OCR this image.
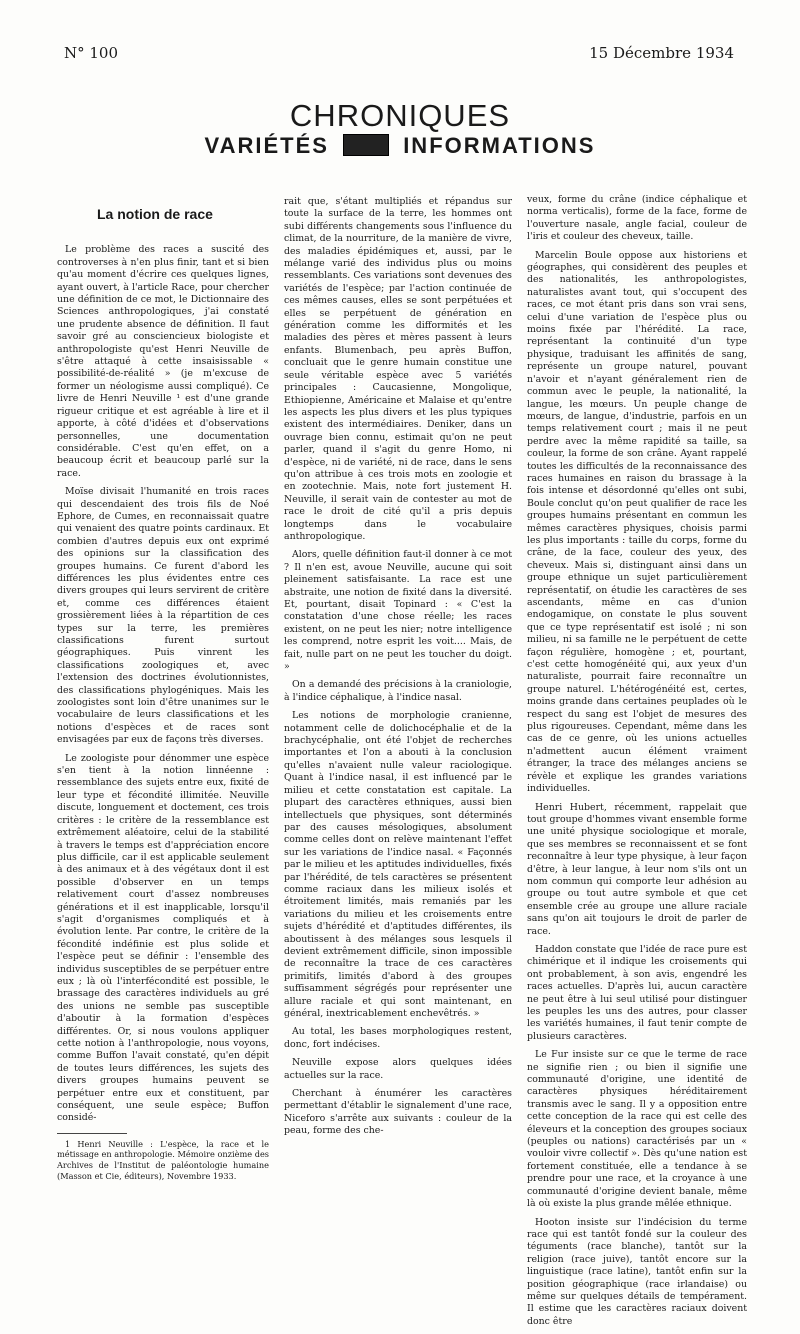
N° 100	15 Décembre 1934
CHRONIQUES
VARIÉTÉS	INFORMATIONS
La notion de race

Le problème des races a suscité des controverses à n'en plus finir, tant et si bien qu'au moment d'écrire ces quelques lignes, ayant ouvert, à l'article Race, pour chercher une définition de ce mot, le Dictionnaire des Sciences anthropologiques, j'ai constaté une prudente absence de définition. Il faut savoir gré au consciencieux biologiste et anthropologiste qu'est Henri Neuville de s'être attaqué à cette insaisissable « possibilité-de-réalité » (je m'excuse de former un néologisme aussi compliqué). Ce livre de Henri Neuville ¹ est d'une grande rigueur critique et est agréable à lire et il apporte, à côté d'idées et d'observations personnelles, une documentation considérable. C'est qu'en effet, on a beaucoup écrit et beaucoup parlé sur la race.

Moïse divisait l'humanité en trois races qui descendaient des trois fils de Noé Ephore, de Cumes, en reconnaissait quatre qui venaient des quatre points cardinaux. Et combien d'autres depuis eux ont exprimé des opinions sur la classification des groupes humains. Ce furent d'abord les différences les plus évidentes entre ces divers groupes qui leurs servirent de critère et, comme ces différences étaient grossièrement liées à la répartition de ces types sur la terre, les premières classifications furent surtout géographiques. Puis vinrent les classifications zoologiques et, avec l'extension des doctrines évolutionnistes, des classifications phylogéniques. Mais les zoologistes sont loin d'être unanimes sur le vocabulaire de leurs classifications et les notions d'espèces et de races sont envisagées par eux de façons très diverses.

Le zoologiste pour dénommer une espèce s'en tient à la notion linnéenne : ressemblance des sujets entre eux, fixité de leur type et fécondité illimitée. Neuville discute, longuement et doctement, ces trois critères : le critère de la ressemblance est extrêmement aléatoire, celui de la stabilité à travers le temps est d'appréciation encore plus difficile, car il est applicable seulement à des animaux et à des végétaux dont il est possible d'observer en un temps relativement court d'assez nombreuses générations et il est inapplicable, lorsqu'il s'agit d'organismes compliqués et à évolution lente. Par contre, le critère de la fécondité indéfinie est plus solide et l'espèce peut se définir : l'ensemble des individus susceptibles de se perpétuer entre eux ; là où l'interfécondité est possible, le brassage des caractères individuels au gré des unions ne semble pas susceptible d'aboutir à la formation d'espèces différentes. Or, si nous voulons appliquer cette notion à l'anthropologie, nous voyons, comme Buffon l'avait constaté, qu'en dépit de toutes leurs différences, les sujets des divers groupes humains peuvent se perpétuer entre eux et constituent, par conséquent, une seule espèce; Buffon considé-

1 Henri Neuville : L'espèce, la race et le métissage en anthropologie. Mémoire onzième des Archives de l'Institut de paléontologie humaine (Masson et Cie, éditeurs), Novembre 1933.

rait que, s'étant multipliés et répandus sur toute la surface de la terre, les hommes ont subi différents changements sous l'influence du climat, de la nourriture, de la manière de vivre, des maladies épidémiques et, aussi, par le mélange varié des individus plus ou moins ressemblants. Ces variations sont devenues des variétés de l'espèce; par l'action continuée de ces mêmes causes, elles se sont perpétuées et elles se perpétuent de génération en génération comme les difformités et les maladies des pères et mères passent à leurs enfants. Blumenbach, peu après Buffon, concluait que le genre humain constitue une seule véritable espèce avec 5 variétés principales : Caucasienne, Mongolique, Ethiopienne, Américaine et Malaise et qu'entre les aspects les plus divers et les plus typiques existent des intermédiaires. Deniker, dans un ouvrage bien connu, estimait qu'on ne peut parler, quand il s'agit du genre Homo, ni d'espèce, ni de variété, ni de race, dans le sens qu'on attribue à ces trois mots en zoologie et en zootechnie. Mais, note fort justement H. Neuville, il serait vain de contester au mot de race le droit de cité qu'il a pris depuis longtemps dans le vocabulaire anthropologique.

Alors, quelle définition faut-il donner à ce mot ? Il n'en est, avoue Neuville, aucune qui soit pleinement satisfaisante. La race est une abstraite, une notion de fixité dans la diversité. Et, pourtant, disait Topinard : « C'est la constatation d'une chose réelle; les races existent, on ne peut les nier; notre intelligence les comprend, notre esprit les voit.... Mais, de fait, nulle part on ne peut les toucher du doigt. »

On a demandé des précisions à la craniologie, à l'indice céphalique, à l'indice nasal.

Les notions de morphologie cranienne, notamment celle de dolichocéphalie et de la brachycéphalie, ont été l'objet de recherches importantes et l'on a abouti à la conclusion qu'elles n'avaient nulle valeur raciologique. Quant à l'indice nasal, il est influencé par le milieu et cette constatation est capitale. La plupart des caractères ethniques, aussi bien intellectuels que physiques, sont déterminés par des causes mésologiques, absolument comme celles dont on relève maintenant l'effet sur les variations de l'indice nasal. « Façonnés par le milieu et les aptitudes individuelles, fixés par l'hérédité, de tels caractères se présentent comme raciaux dans les milieux isolés et étroitement limités, mais remaniés par les variations du milieu et les croisements entre sujets d'hérédité et d'aptitudes différentes, ils aboutissent à des mélanges sous lesquels il devient extrêmement difficile, sinon impossible de reconnaître la trace de ces caractères primitifs, limités d'abord à des groupes suffisamment ségrégés pour représenter une allure raciale et qui sont maintenant, en général, inextricablement enchevêtrés. »

Au total, les bases morphologiques restent, donc, fort indécises.

Neuville expose alors quelques idées actuelles sur la race.

Cherchant à énumérer les caractères permettant d'établir le signalement d'une race, Niceforo s'arrête aux suivants : couleur de la peau, forme des che-

veux, forme du crâne (indice céphalique et norma verticalis), forme de la face, forme de l'ouverture nasale, angle facial, couleur de l'iris et couleur des cheveux, taille.

Marcelin Boule oppose aux historiens et géographes, qui considèrent des peuples et des nationalités, les anthropologistes, naturalistes avant tout, qui s'occupent des races, ce mot étant pris dans son vrai sens, celui d'une variation de l'espèce plus ou moins fixée par l'hérédité. La race, représentant la continuité d'un type physique, traduisant les affinités de sang, représente un groupe naturel, pouvant n'avoir et n'ayant généralement rien de commun avec le peuple, la nationalité, la langue, les mœurs. Un peuple change de mœurs, de langue, d'industrie, parfois en un temps relativement court ; mais il ne peut perdre avec la même rapidité sa taille, sa couleur, la forme de son crâne. Ayant rappelé toutes les difficultés de la reconnaissance des races humaines en raison du brassage à la fois intense et désordonné qu'elles ont subi, Boule conclut qu'on peut qualifier de race les groupes humains présentant en commun les mêmes caractères physiques, choisis parmi les plus importants : taille du corps, forme du crâne, de la face, couleur des yeux, des cheveux. Mais si, distinguant ainsi dans un groupe ethnique un sujet particulièrement représentatif, on étudie les caractères de ses ascendants, même en cas d'union endogamique, on constate le plus souvent que ce type représentatif est isolé ; ni son milieu, ni sa famille ne le perpétuent de cette façon régulière, homogène ; et, pourtant, c'est cette homogénéité qui, aux yeux d'un naturaliste, pourrait faire reconnaître un groupe naturel. L'hétérogénéité est, certes, moins grande dans certaines peuplades où le respect du sang est l'objet de mesures des plus rigoureuses. Cependant, même dans les cas de ce genre, où les unions actuelles n'admettent aucun élément vraiment étranger, la trace des mélanges anciens se révèle et explique les grandes variations individuelles.

Henri Hubert, récemment, rappelait que tout groupe d'hommes vivant ensemble forme une unité physique sociologique et morale, que ses membres se reconnaissent et se font reconnaître à leur type physique, à leur façon d'être, à leur langue, à leur nom s'ils ont un nom commun qui comporte leur adhésion au groupe ou tout autre symbole et que cet ensemble crée au groupe une allure raciale sans qu'on ait toujours le droit de parler de race.

Haddon constate que l'idée de race pure est chimérique et il indique les croisements qui ont probablement, à son avis, engendré les races actuelles. D'après lui, aucun caractère ne peut être à lui seul utilisé pour distinguer les peuples les uns des autres, pour classer les variétés humaines, il faut tenir compte de plusieurs caractères.

Le Fur insiste sur ce que le terme de race ne signifie rien ; ou bien il signifie une communauté d'origine, une identité de caractères physiques héréditairement transmis avec le sang. Il y a opposition entre cette conception de la race qui est celle des éleveurs et la conception des groupes sociaux (peuples ou nations) caractérisés par un « vouloir vivre collectif ». Dès qu'une nation est fortement constituée, elle a tendance à se prendre pour une race, et la croyance à une communauté d'origine devient banale, même là où existe la plus grande mêlée ethnique.

Hooton insiste sur l'indécision du terme race qui est tantôt fondé sur la couleur des téguments (race blanche), tantôt sur la religion (race juive), tantôt encore sur la linguistique (race latine), tantôt enfin sur la position géographique (race irlandaise) ou même sur quelques détails de tempérament. Il estime que les caractères raciaux doivent donc être
